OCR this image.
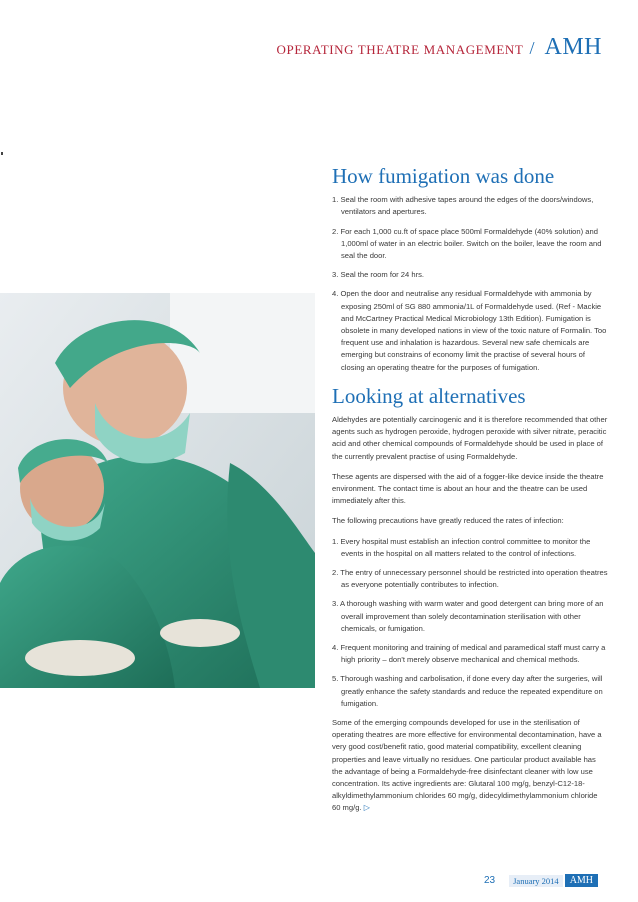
OPERATING THEATRE MANAGEMENT / AMH
How fumigation was done
1. Seal the room with adhesive tapes around the edges of the doors/windows, ventilators and apertures.
2. For each 1,000 cu.ft of space place 500ml Formaldehyde (40% solution) and 1,000ml of water in an electric boiler. Switch on the boiler, leave the room and seal the door.
3. Seal the room for 24 hrs.
4. Open the door and neutralise any residual Formaldehyde with ammonia by exposing 250ml of SG 880 ammonia/1L of Formaldehyde used. (Ref - Mackie and McCartney Practical Medical Microbiology 13th Edition). Fumigation is obsolete in many developed nations in view of the toxic nature of Formalin. Too frequent use and inhalation is hazardous. Several new safe chemicals are emerging but constrains of economy limit the practise of several hours of closing an operating theatre for the purposes of fumigation.
Looking at alternatives

Aldehydes are potentially carcinogenic and it is therefore recommended that other agents such as hydrogen peroxide, hydrogen peroxide with silver nitrate, peracitic acid and other chemical compounds of Formaldehyde should be used in place of the currently prevalent practise of using Formaldehyde.

These agents are dispersed with the aid of a fogger-like device inside the theatre environment. The contact time is about an hour and the theatre can be used immediately after this.

The following precautions have greatly reduced the rates of infection:

1. Every hospital must establish an infection control committee to monitor the events in the hospital on all matters related to the control of infections.
2. The entry of unnecessary personnel should be restricted into operation theatres as everyone potentially contributes to infection.
3. A thorough washing with warm water and good detergent can bring more of an overall improvement than solely decontamination sterilisation with other chemicals, or fumigation.
4. Frequent monitoring and training of medical and paramedical staff must carry a high priority – don't merely observe mechanical and chemical methods.
5. Thorough washing and carbolisation, if done every day after the surgeries, will greatly enhance the safety standards and reduce the repeated expenditure on fumigation.

Some of the emerging compounds developed for use in the sterilisation of operating theatres are more effective for environmental decontamination, have a very good cost/benefit ratio, good material compatibility, excellent cleaning properties and leave virtually no residues. One particular product available has the advantage of being a Formaldehyde-free disinfectant cleaner with low use concentration. Its active ingredients are: Glutaral 100 mg/g, benzyl-C12-18- alkyldimethylammonium chlorides 60 mg/g, didecyldimethylammonium chloride 60 mg/g. ▷

23	January 2014	AMH
